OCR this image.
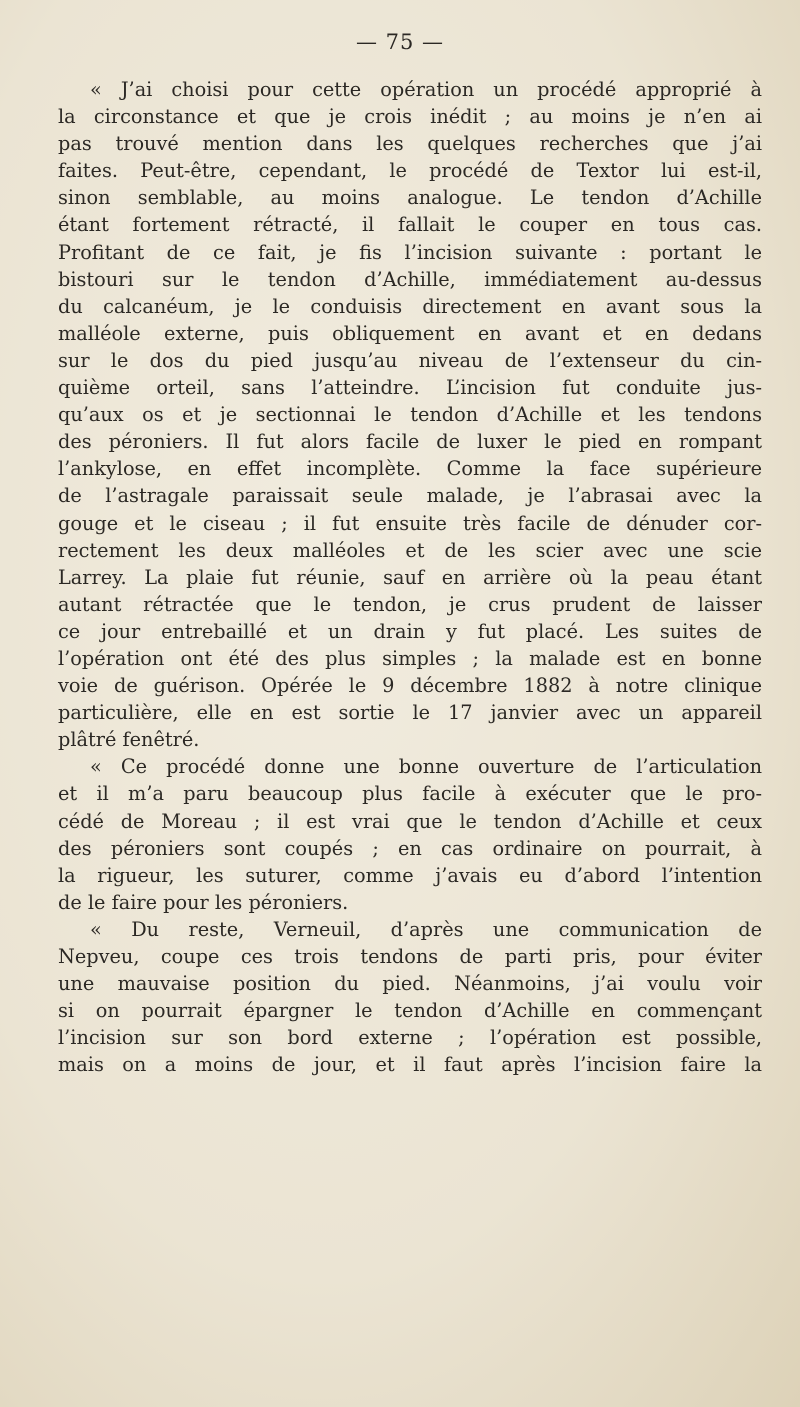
— 75 —
« J’ai choisi pour cette opération un procédé approprié à
la circonstance et que je crois inédit ; au moins je n’en ai
pas trouvé mention dans les quelques recherches que j’ai
faites. Peut-être, cependant, le procédé de Textor lui est-il,
sinon semblable, au moins analogue. Le tendon d’Achille
étant fortement rétracté, il fallait le couper en tous cas.
Profitant de ce fait, je fis l’incision suivante : portant le
bistouri sur le tendon d’Achille, immédiatement au-dessus
du calcanéum, je le conduisis directement en avant sous la
malléole externe, puis obliquement en avant et en dedans
sur le dos du pied jusqu’au niveau de l’extenseur du cin-
quième orteil, sans l’atteindre. L’incision fut conduite jus-
qu’aux os et je sectionnai le tendon d’Achille et les tendons
des péroniers. Il fut alors facile de luxer le pied en rompant
l’ankylose, en effet incomplète. Comme la face supérieure
de l’astragale paraissait seule malade, je l’abrasai avec la
gouge et le ciseau ; il fut ensuite très facile de dénuder cor-
rectement les deux malléoles et de les scier avec une scie
Larrey. La plaie fut réunie, sauf en arrière où la peau étant
autant rétractée que le tendon, je crus prudent de laisser
ce jour entrebaillé et un drain y fut placé. Les suites de
l’opération ont été des plus simples ; la malade est en bonne
voie de guérison. Opérée le 9 décembre 1882 à notre clinique
particulière, elle en est sortie le 17 janvier avec un appareil
plâtré fenêtré.
« Ce procédé donne une bonne ouverture de l’articulation
et il m’a paru beaucoup plus facile à exécuter que le pro-
cédé de Moreau ; il est vrai que le tendon d’Achille et ceux
des péroniers sont coupés ; en cas ordinaire on pourrait, à
la rigueur, les suturer, comme j’avais eu d’abord l’intention
de le faire pour les péroniers.
« Du reste, Verneuil, d’après une communication de
Nepveu, coupe ces trois tendons de parti pris, pour éviter
une mauvaise position du pied. Néanmoins, j’ai voulu voir
si on pourrait épargner le tendon d’Achille en commençant
l’incision sur son bord externe ; l’opération est possible,
mais on a moins de jour, et il faut après l’incision faire la
